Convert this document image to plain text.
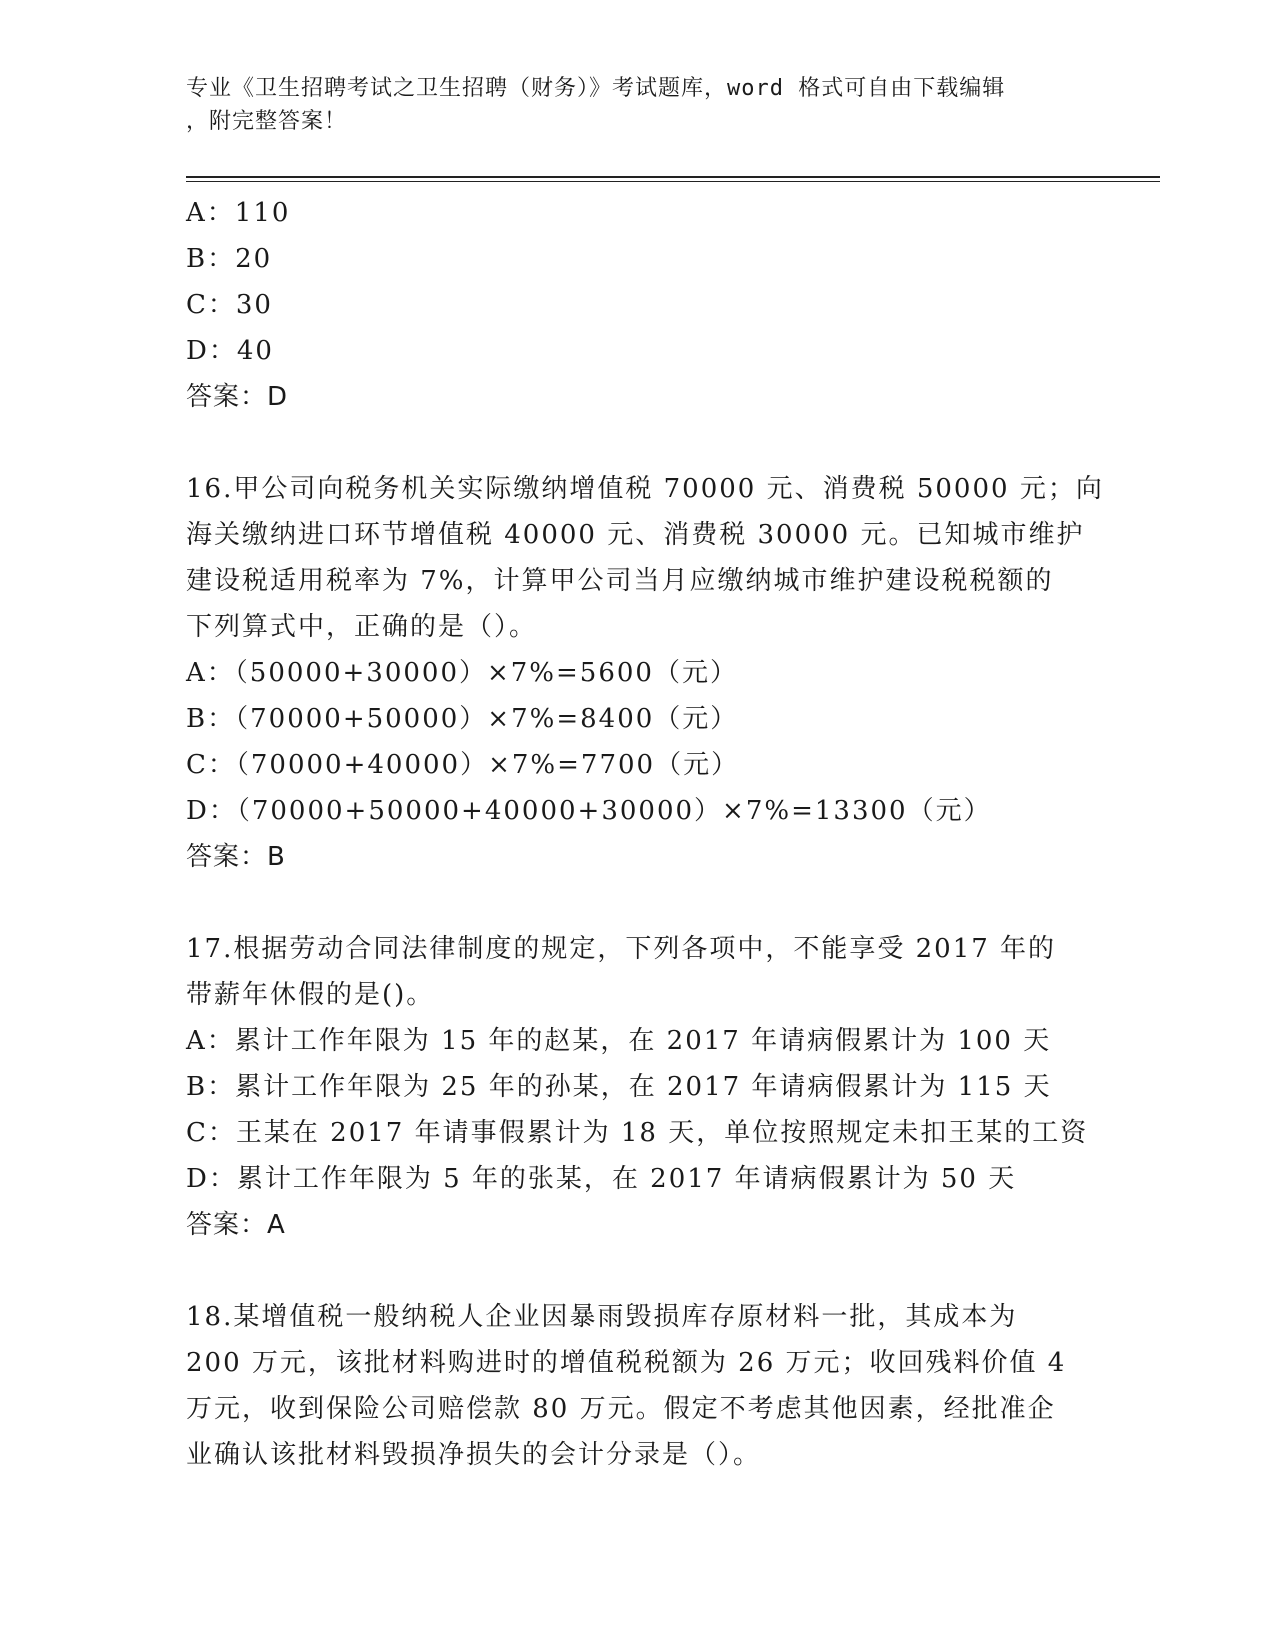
专业《卫生招聘考试之卫生招聘（财务）》考试题库，word 格式可自由下载编辑
，附完整答案！
A：110
B：20
C：30
D：40
答案：D
16.甲公司向税务机关实际缴纳增值税 70000 元、消费税 50000 元；向
海关缴纳进口环节增值税 40000 元、消费税 30000 元。已知城市维护
建设税适用税率为 7%，计算甲公司当月应缴纳城市维护建设税税额的
下列算式中，正确的是（）。
A：（50000+30000）×7%=5600（元）
B：（70000+50000）×7%=8400（元）
C：（70000+40000）×7%=7700（元）
D：（70000+50000+40000+30000）×7%=13300（元）
答案：B
17.根据劳动合同法律制度的规定，下列各项中，不能享受 2017 年的
带薪年休假的是()。
A：累计工作年限为 15 年的赵某，在 2017 年请病假累计为 100 天
B：累计工作年限为 25 年的孙某，在 2017 年请病假累计为 115 天
C：王某在 2017 年请事假累计为 18 天，单位按照规定未扣王某的工资
D：累计工作年限为 5 年的张某，在 2017 年请病假累计为 50 天
答案：A
18.某增值税一般纳税人企业因暴雨毁损库存原材料一批，其成本为
200 万元，该批材料购进时的增值税税额为 26 万元；收回残料价值 4
万元，收到保险公司赔偿款 80 万元。假定不考虑其他因素，经批准企
业确认该批材料毁损净损失的会计分录是（）。
